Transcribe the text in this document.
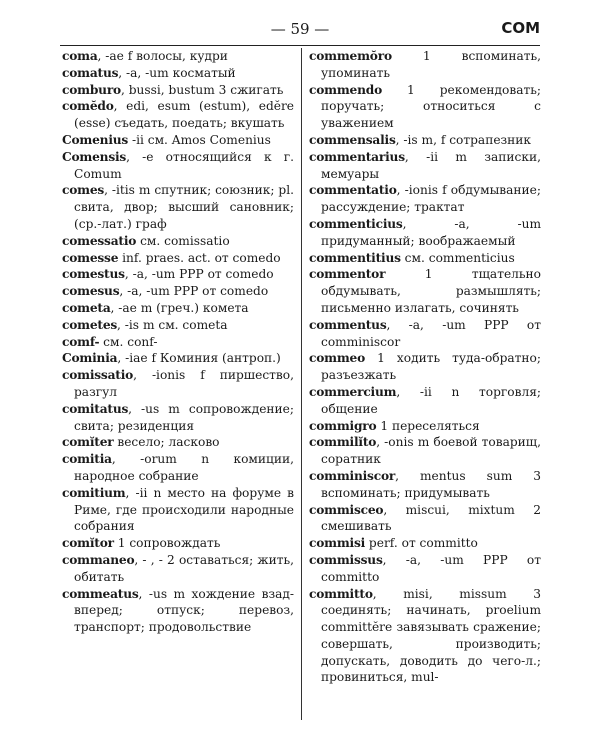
— 59 —	COM

coma, -ae f волосы, кудри

comatus, -a, -um косматый

comburo, bussi, bustum 3 сжигать

comĕdo, edi, esum (estum), edĕre (esse) съедать, поедать; вкушать

Comenius -ii см. Amos Comenius

Comensis, -e относящийся к г. Comum

comes, -itis m спутник; союзник; pl. свита, двор; высший сановник; (ср.-лат.) граф

comessatio см. comissatio

comesse inf. praes. act. от comedo

comestus, -a, -um PPP от comedo

comesus, -a, -um PPP от comedo

cometa, -ae m (греч.) комета

cometes, -is m см. cometa

comf- см. conf-

Cominia, -iae f Коминия (антроп.)

comissatio, -ionis f пиршество, разгул

comitatus, -us m сопровождение; свита; резиденция

comĭter весело; ласково

comitia, -orum n комиции, народное собрание

comitium, -ii n место на форуме в Риме, где происходили народные собрания

comĭtor 1 сопровождать

commaneo, - , - 2 оставаться; жить, обитать

commeatus, -us m хождение взад-вперед; отпуск; перевоз, транспорт; продовольствие

commemŏro 1 вспоминать, упоминать

commendo 1 рекомендовать; поручать; относиться с уважением

commensalis, -is m, f сотрапезник

commentarius, -ii m записки, мемуары

commentatio, -ionis f обдумывание; рассуждение; трактат

commenticius, -a, -um придуманный; воображаемый

commentitius см. commenticius

commentor 1 тщательно обдумывать, размышлять; письменно излагать, сочинять

commentus, -a, -um PPP от comminiscor

commeo 1 ходить туда-обратно; разъезжать

commercium, -ii n торговля; общение

commigro 1 переселяться

commilĭto, -onis m боевой товарищ, соратник

comminiscor, mentus sum 3 вспоминать; придумывать

commisceo, miscui, mixtum 2 смешивать

commisi perf. от committo

commissus, -a, -um PPP от committo

committo, misi, missum 3 соединять; начинать, proelium committĕre завязывать сражение; совершать, производить; допускать, доводить до чего-л.; провиниться, mul-
